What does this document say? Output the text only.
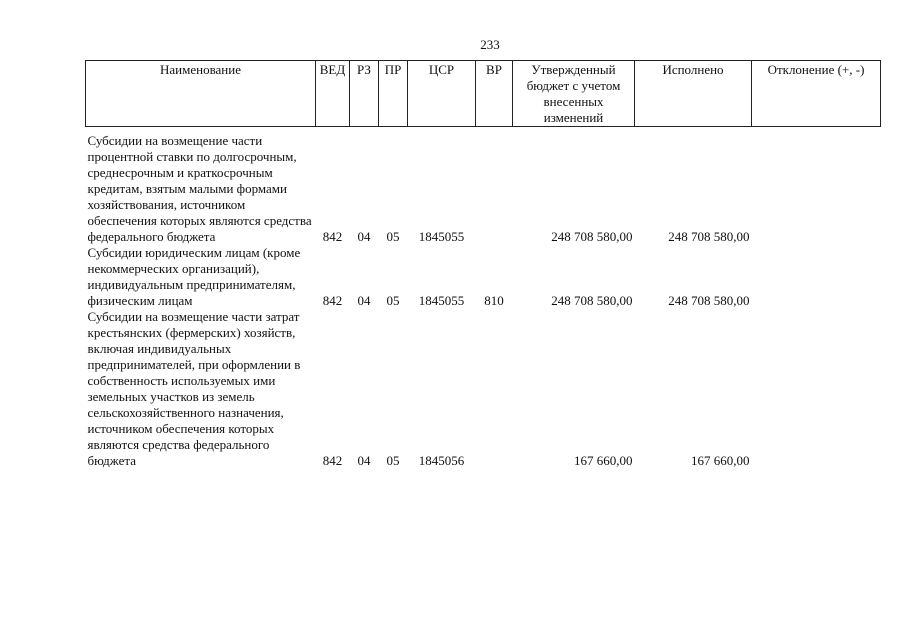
233
Наименование	ВЕД	РЗ	ПР	ЦСР	ВР	Утвержденный бюджет с учетом внесенных изменений	Исполнено	Отклонение (+, -)

Субсидии на возмещение части процентной ставки по долгосрочным, среднесрочным и краткосрочным кредитам, взятым малыми формами хозяйствования, источником обеспечения которых являются средства федерального бюджета	842	04	05	1845055		248 708 580,00	248 708 580,00	
Субсидии юридическим лицам (кроме некоммерческих организаций), индивидуальным предпринимателям, физическим лицам	842	04	05	1845055	810	248 708 580,00	248 708 580,00	
Субсидии на возмещение части затрат крестьянских (фермерских) хозяйств, включая индивидуальных предпринимателей, при оформлении в собственность используемых ими земельных участков из земель сельскохозяйственного назначения, источником обеспечения которых являются средства федерального бюджета	842	04	05	1845056		167 660,00	167 660,00	
